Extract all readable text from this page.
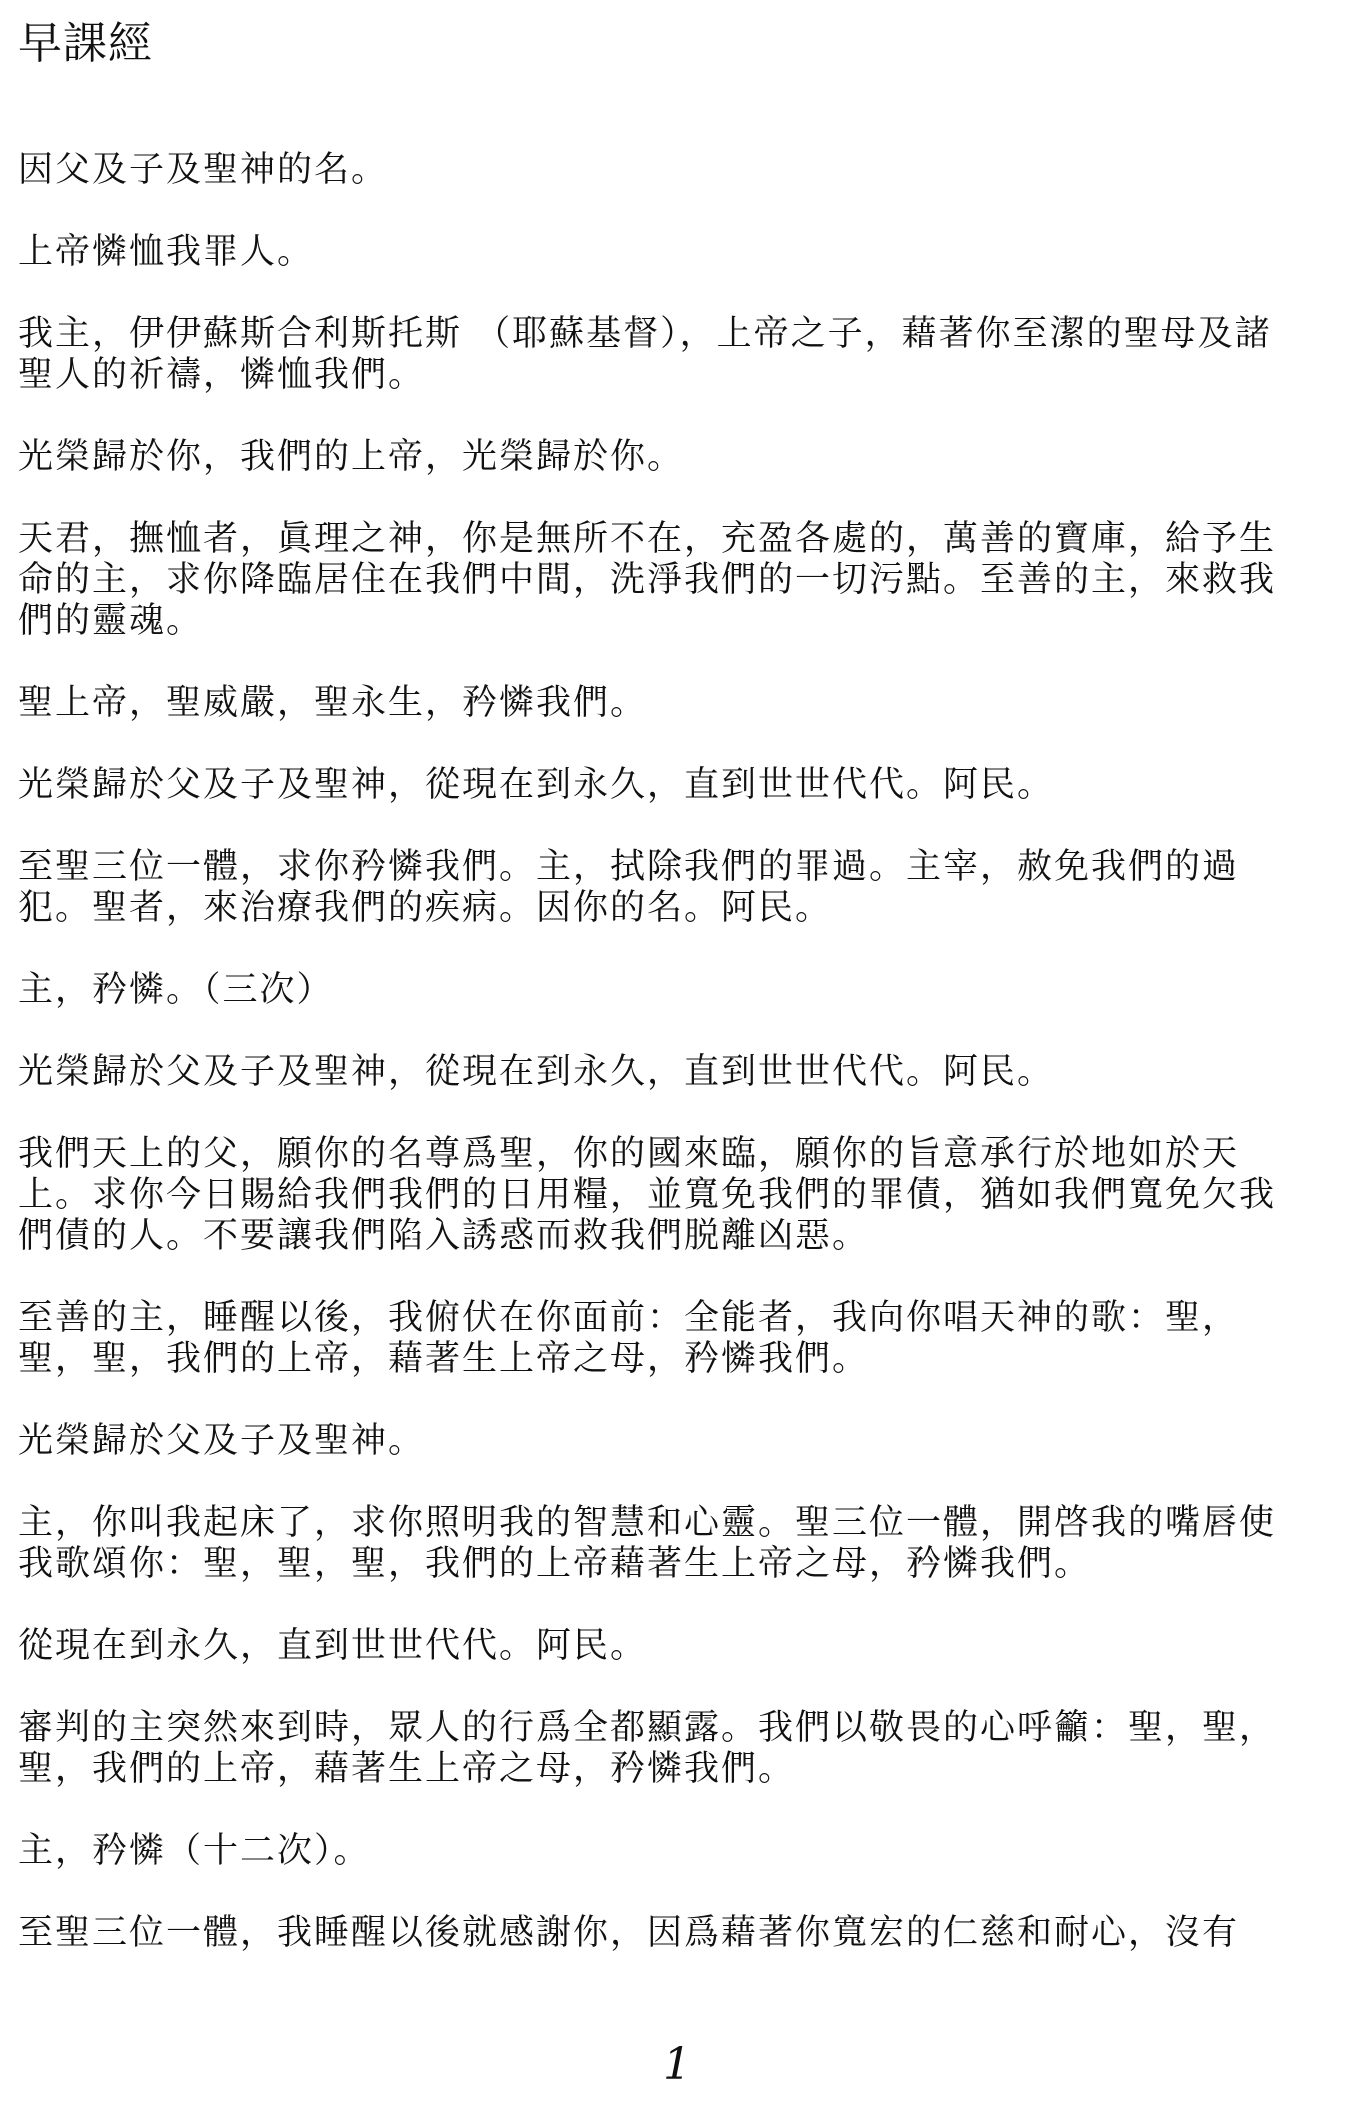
早課經

因父及子及聖神的名。

上帝憐恤我罪人。

我主，伊伊蘇斯合利斯托斯 （耶蘇基督），上帝之子，藉著你至潔的聖母及諸聖人的祈禱，憐恤我們。

光榮歸於你，我們的上帝，光榮歸於你。

天君，撫恤者，眞理之神，你是無所不在，充盈各處的，萬善的寶庫，給予生命的主，求你降臨居住在我們中間，洗淨我們的一切污點。至善的主，來救我們的靈魂。

聖上帝，聖威嚴，聖永生，矜憐我們。

光榮歸於父及子及聖神，從現在到永久，直到世世代代。阿民。

至聖三位一體，求你矜憐我們。主，拭除我們的罪過。主宰，赦免我們的過犯。聖者，來治療我們的疾病。因你的名。阿民。

主，矜憐。（三次）

光榮歸於父及子及聖神，從現在到永久，直到世世代代。阿民。

我們天上的父，願你的名尊爲聖，你的國來臨，願你的旨意承行於地如於天上。求你今日賜給我們我們的日用糧，並寬免我們的罪債，猶如我們寬免欠我們債的人。不要讓我們陷入誘惑而救我們脱離凶惡。

至善的主，睡醒以後，我俯伏在你面前：全能者，我向你唱天神的歌：聖，聖，聖，我們的上帝，藉著生上帝之母，矜憐我們。

光榮歸於父及子及聖神。

主，你叫我起床了，求你照明我的智慧和心靈。聖三位一體，開啓我的嘴唇使我歌頌你：聖，聖，聖，我們的上帝藉著生上帝之母，矜憐我們。

從現在到永久，直到世世代代。阿民。

審判的主突然來到時，眾人的行爲全都顯露。我們以敬畏的心呼籲：聖，聖，聖，我們的上帝，藉著生上帝之母，矜憐我們。

主，矜憐（十二次）。

至聖三位一體，我睡醒以後就感謝你，因爲藉著你寬宏的仁慈和耐心，沒有

1
